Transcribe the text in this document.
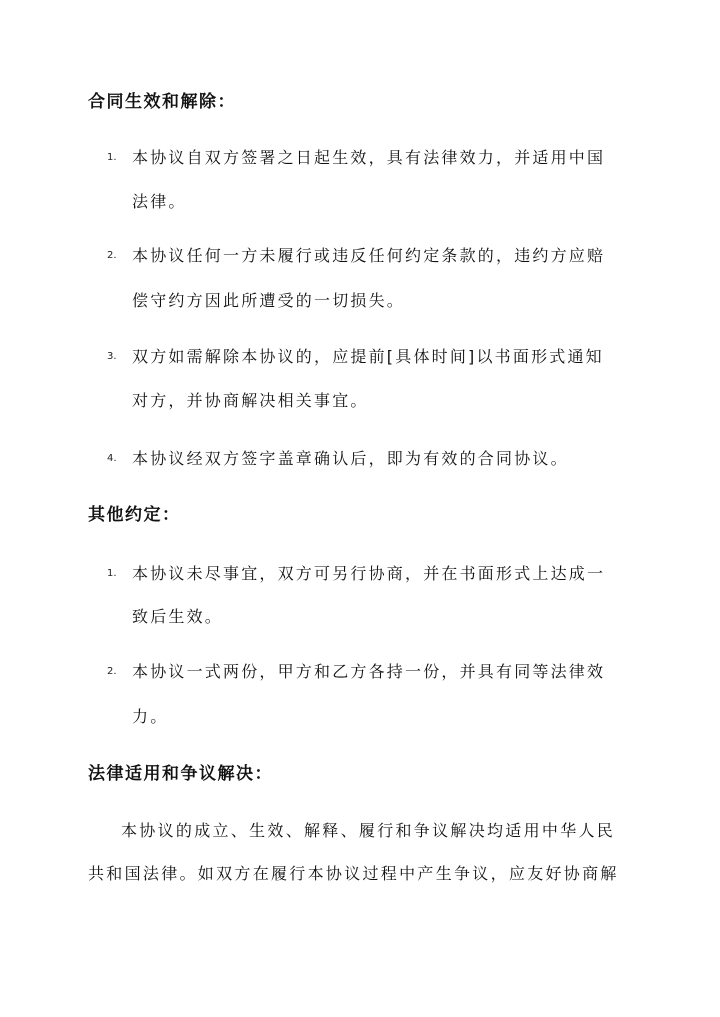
合同生效和解除：
1. 本协议自双方签署之日起生效，具有法律效力，并适用中国
法律。
2. 本协议任何一方未履行或违反任何约定条款的，违约方应赔
偿守约方因此所遭受的一切损失。
3. 双方如需解除本协议的，应提前[具体时间]以书面形式通知
对方，并协商解决相关事宜。
4. 本协议经双方签字盖章确认后，即为有效的合同协议。
其他约定：
1. 本协议未尽事宜，双方可另行协商，并在书面形式上达成一
致后生效。
2. 本协议一式两份，甲方和乙方各持一份，并具有同等法律效
力。
法律适用和争议解决：
本协议的成立、生效、解释、履行和争议解决均适用中华人民
共和国法律。如双方在履行本协议过程中产生争议，应友好协商解
